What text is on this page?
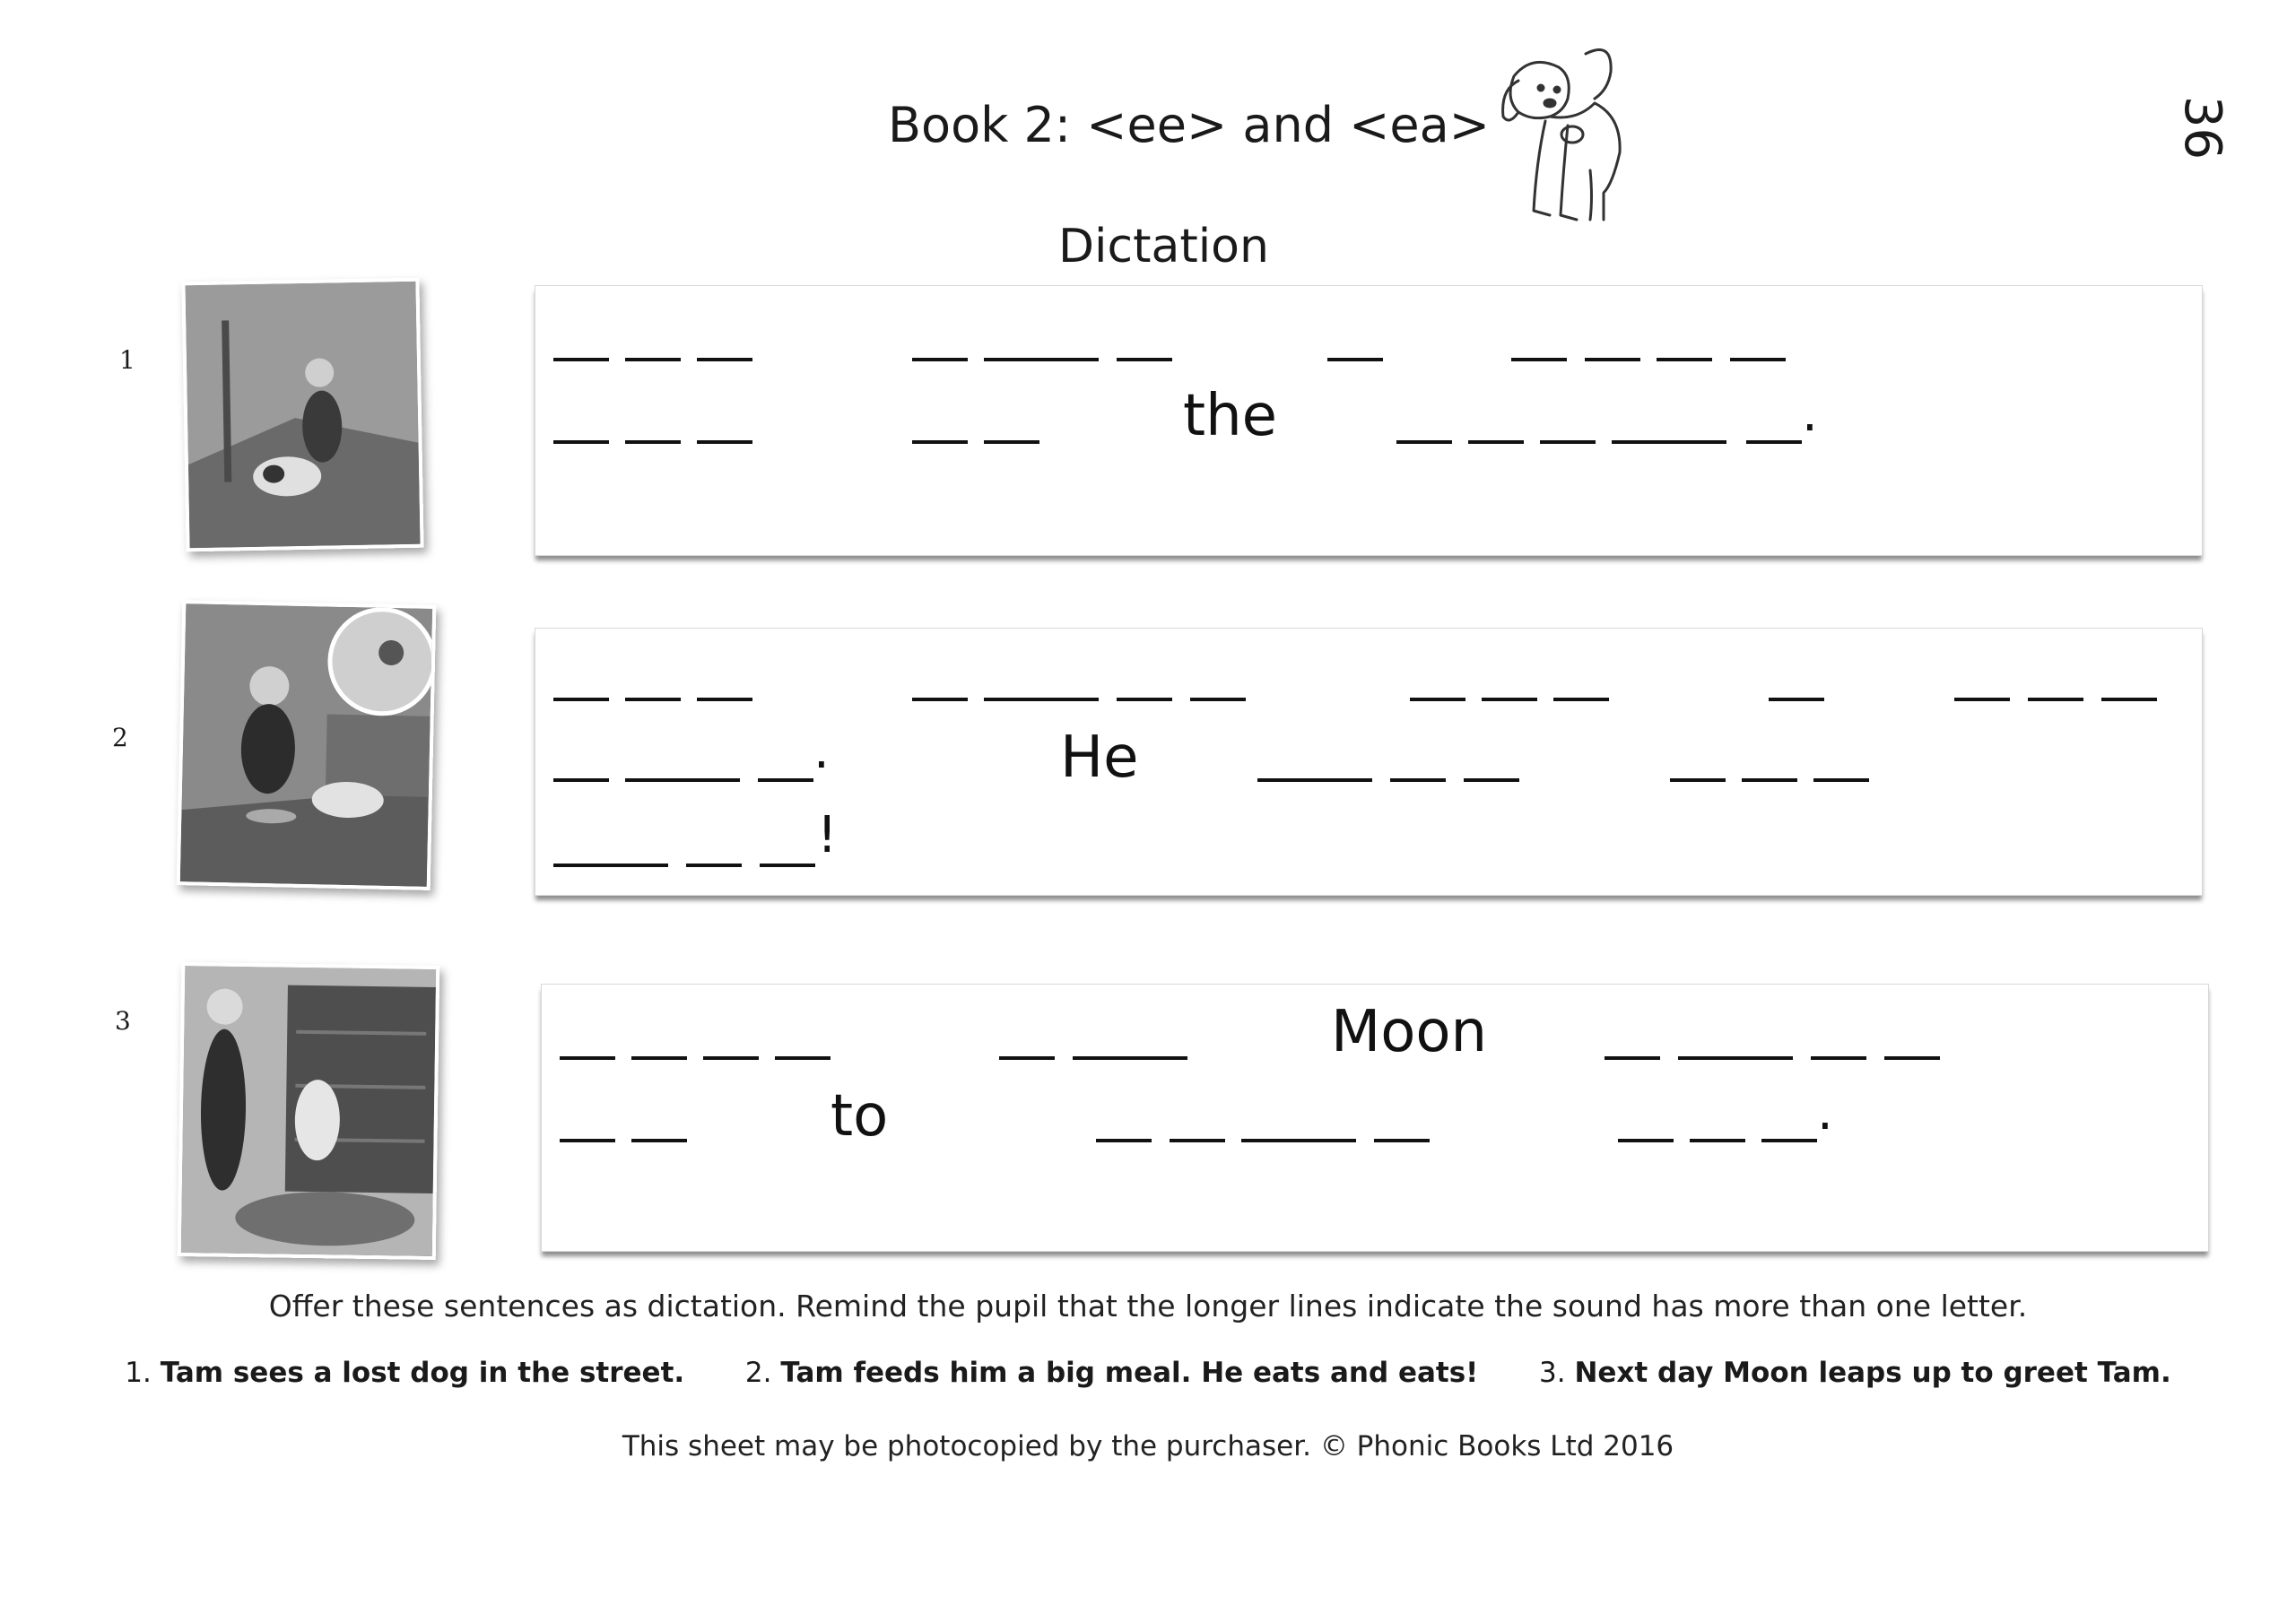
Book 2: <ee> and <ea>	36
Dictation
1
the	.
2	.	He
!
3	Moon
to	.
Offer these sentences as dictation. Remind the pupil that the longer lines indicate the sound has more than one letter.
1. Tam sees a lost dog in the street. 2. Tam feeds him a big meal. He eats and eats! 3. Next day Moon leaps up to greet Tam.
This sheet may be photocopied by the purchaser. © Phonic Books Ltd 2016
